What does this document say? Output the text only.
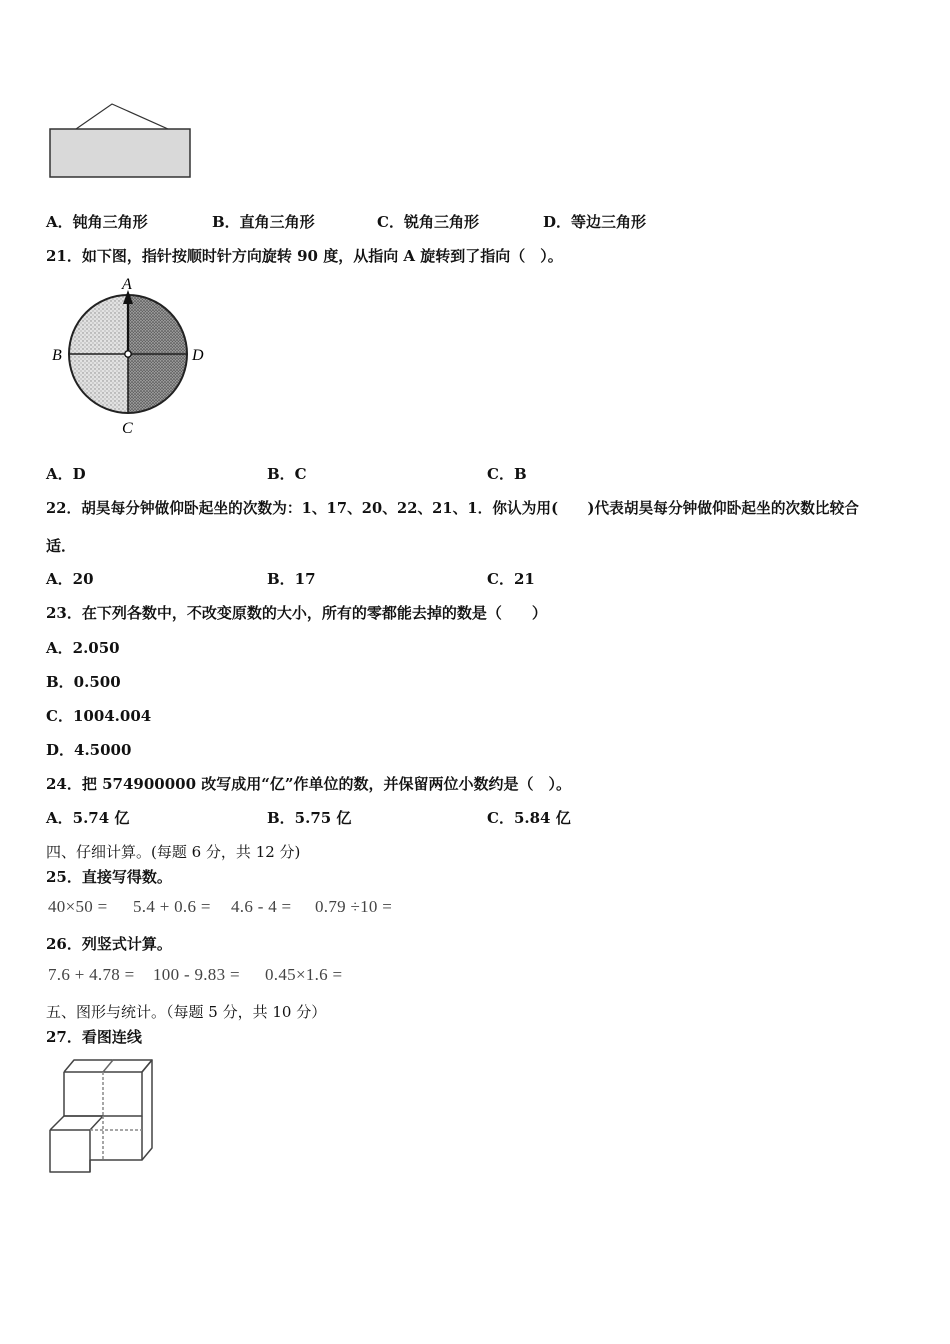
A．钝角三角形	B．直角三角形	C．锐角三角形	D．等边三角形
21．如下图，指针按顺时针方向旋转 90 度，从指向 A 旋转到了指向（　）。
A
B	D
C
A．D	B．C	C．B
22．胡昊每分钟做仰卧起坐的次数为：1、17、20、22、21、1．你认为用(　　)代表胡昊每分钟做仰卧起坐的次数比较合
适．
A．20	B．17	C．21
23．在下列各数中，不改变原数的大小，所有的零都能去掉的数是（　　）
A．2.050
B．0.500
C．1004.004
D．4.5000
24．把 574900000 改写成用“亿”作单位的数，并保留两位小数约是（　）。
A．5.74 亿	B．5.75 亿	C．5.84 亿
四、仔细计算。(每题 6 分，共 12 分)
25．直接写得数。
40×50 = 5.4 + 0.6 = 4.6 - 4 = 0.79 ÷10 =
26．列竖式计算。
7.6 + 4.78 = 100 - 9.83 = 0.45×1.6 =
五、图形与统计。（每题 5 分，共 10 分）
27．看图连线
